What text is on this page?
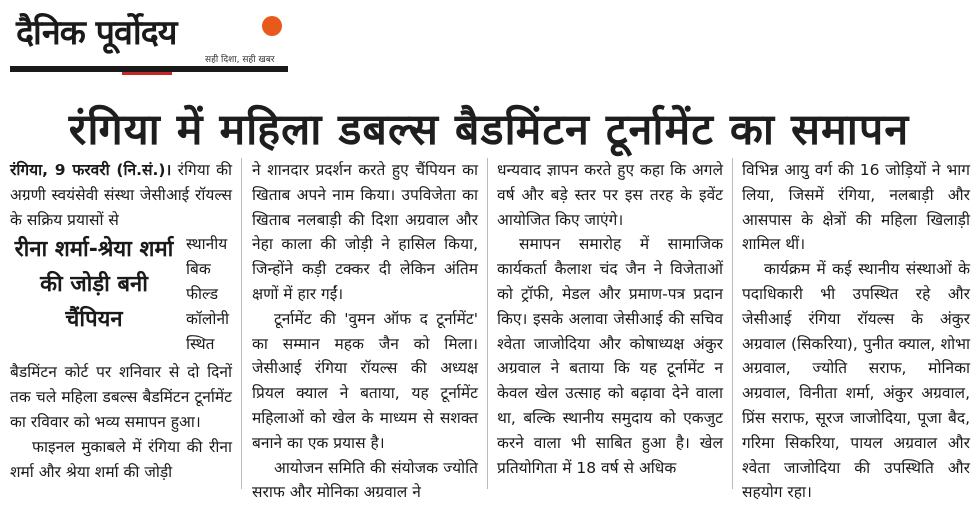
दैनिक पूर्वोदय
सही दिशा, सही खबर
रंगिया में महिला डबल्स बैडमिंटन टूर्नामेंट का समापन

रंगिया, 9 फरवरी (नि.सं.)। रंगिया की अग्रणी स्वयंसेवी संस्था जेसीआई रॉयल्स के सक्रिय प्रयासों से

रीना शर्मा-श्रेया शर्मा की जोड़ी बनी चैंपियन
स्थानीय बिक फील्ड कॉलोनी स्थित

बैडमिंटन कोर्ट पर शनिवार से दो दिनों तक चले महिला डबल्स बैडमिंटन टूर्नामेंट का रविवार को भव्य समापन हुआ।

फाइनल मुकाबले में रंगिया की रीना शर्मा और श्रेया शर्मा की जोड़ी

ने शानदार प्रदर्शन करते हुए चैंपियन का खिताब अपने नाम किया। उपविजेता का खिताब नलबाड़ी की दिशा अग्रवाल और नेहा काला की जोड़ी ने हासिल किया, जिन्होंने कड़ी टक्कर दी लेकिन अंतिम क्षणों में हार गईं।

टूर्नामेंट की 'वुमन ऑफ द टूर्नामेंट' का सम्मान महक जैन को मिला। जेसीआई रंगिया रॉयल्स की अध्यक्ष प्रियल क्याल ने बताया, यह टूर्नामेंट महिलाओं को खेल के माध्यम से सशक्त बनाने का एक प्रयास है।

आयोजन समिति की संयोजक ज्योति सराफ और मोनिका अग्रवाल ने

धन्यवाद ज्ञापन करते हुए कहा कि अगले वर्ष और बड़े स्तर पर इस तरह के इवेंट आयोजित किए जाएंगे।

समापन समारोह में सामाजिक कार्यकर्ता कैलाश चंद जैन ने विजेताओं को ट्रॉफी, मेडल और प्रमाण-पत्र प्रदान किए। इसके अलावा जेसीआई की सचिव श्वेता जाजोदिया और कोषाध्यक्ष अंकुर अग्रवाल ने बताया कि यह टूर्नामेंट न केवल खेल उत्साह को बढ़ावा देने वाला था, बल्कि स्थानीय समुदाय को एकजुट करने वाला भी साबित हुआ है। खेल प्रतियोगिता में 18 वर्ष से अधिक

विभिन्न आयु वर्ग की 16 जोड़ियों ने भाग लिया, जिसमें रंगिया, नलबाड़ी और आसपास के क्षेत्रों की महिला खिलाड़ी शामिल थीं।

कार्यक्रम में कई स्थानीय संस्थाओं के पदाधिकारी भी उपस्थित रहे और जेसीआई रंगिया रॉयल्स के अंकुर अग्रवाल (सिकरिया), पुनीत क्याल, शोभा अग्रवाल, ज्योति सराफ, मोनिका अग्रवाल, विनीता शर्मा, अंकुर अग्रवाल, प्रिंस सराफ, सूरज जाजोदिया, पूजा बैद, गरिमा सिकरिया, पायल अग्रवाल और श्वेता जाजोदिया की उपस्थिति और सहयोग रहा।
